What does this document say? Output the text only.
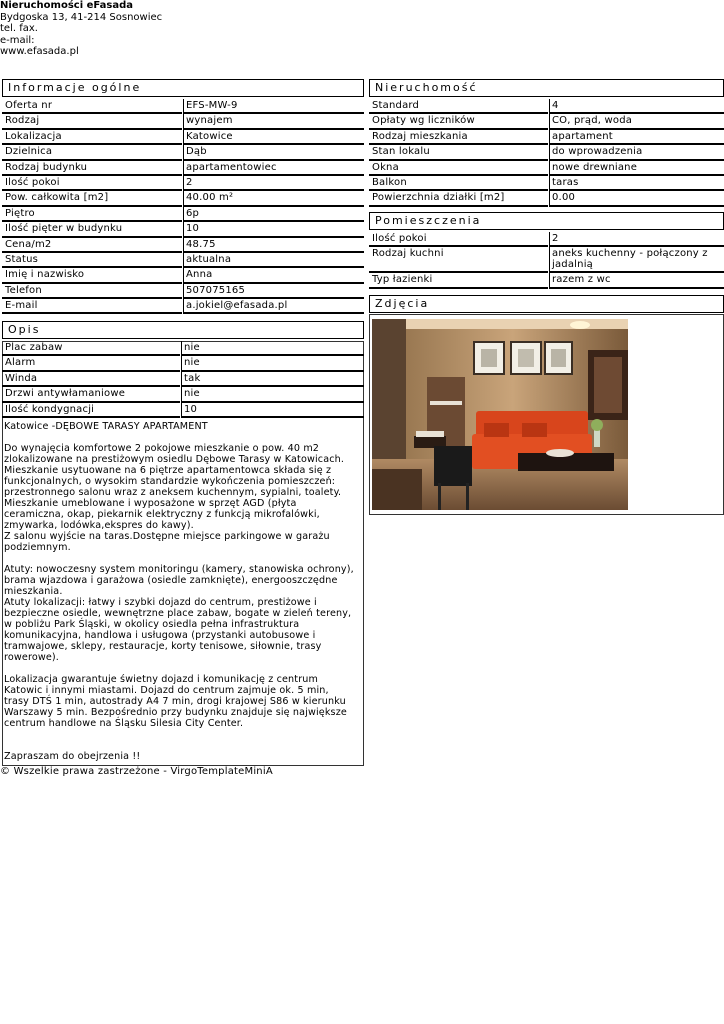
Nieruchomości eFasada
Bydgoska 13, 41-214 Sosnowiec
tel. fax.
e-mail:
www.efasada.pl
Informacje ogólne
Oferta nr	EFS-MW-9
Rodzaj	wynajem
Lokalizacja	Katowice
Dzielnica	Dąb
Rodzaj budynku	apartamentowiec
Ilość pokoi	2
Pow. całkowita [m2]	40.00 m²
Piętro	6p
Ilość pięter w budynku	10
Cena/m2	48.75
Status	aktualna
Imię i nazwisko	Anna
Telefon	507075165
E-mail	a.jokiel@efasada.pl
Opis
Plac zabaw	nie
Alarm	nie
Winda	tak
Drzwi antywłamaniowe	nie
Ilość kondygnacji	10
Katowice -DĘBOWE TARASY APARTAMENT

Do wynajęcia komfortowe 2 pokojowe mieszkanie o pow. 40 m2
zlokalizowane na prestiżowym osiedlu Dębowe Tarasy w Katowicach.
Mieszkanie usytuowane na 6 piętrze apartamentowca składa się z
funkcjonalnych, o wysokim standardzie wykończenia pomieszczeń:
przestronnego salonu wraz z aneksem kuchennym, sypialni, toalety.
Mieszkanie umeblowane i wyposażone w sprzęt AGD (płyta
ceramiczna, okap, piekarnik elektryczny z funkcją mikrofalówki,
zmywarka, lodówka,ekspres do kawy).
Z salonu wyjście na taras.Dostępne miejsce parkingowe w garażu
podziemnym.

Atuty: nowoczesny system monitoringu (kamery, stanowiska ochrony),
brama wjazdowa i garażowa (osiedle zamknięte), energooszczędne
mieszkania.
Atuty lokalizacji: łatwy i szybki dojazd do centrum, prestiżowe i
bezpieczne osiedle, wewnętrzne place zabaw, bogate w zieleń tereny,
w pobliżu Park Śląski, w okolicy osiedla pełna infrastruktura
komunikacyjna, handlowa i usługowa (przystanki autobusowe i
tramwajowe, sklepy, restauracje, korty tenisowe, siłownie, trasy
rowerowe).

Lokalizacja gwarantuje świetny dojazd i komunikację z centrum
Katowic i innymi miastami. Dojazd do centrum zajmuje ok. 5 min,
trasy DTŚ 1 min, autostrady A4 7 min, drogi krajowej S86 w kierunku
Warszawy 5 min. Bezpośrednio przy budynku znajduje się największe
centrum handlowe na Śląsku Silesia City Center.

Zapraszam do obejrzenia !!
Nieruchomość
Standard	4
Opłaty wg liczników	CO, prąd, woda
Rodzaj mieszkania	apartament
Stan lokalu	do wprowadzenia
Okna	nowe drewniane
Balkon	taras
Powierzchnia działki [m2]	0.00
Pomieszczenia
Ilość pokoi	2
Rodzaj kuchni	aneks kuchenny - połączony z jadalnią
Typ łazienki	razem z wc
Zdjęcia
© Wszelkie prawa zastrzeżone - VirgoTemplateMiniA
